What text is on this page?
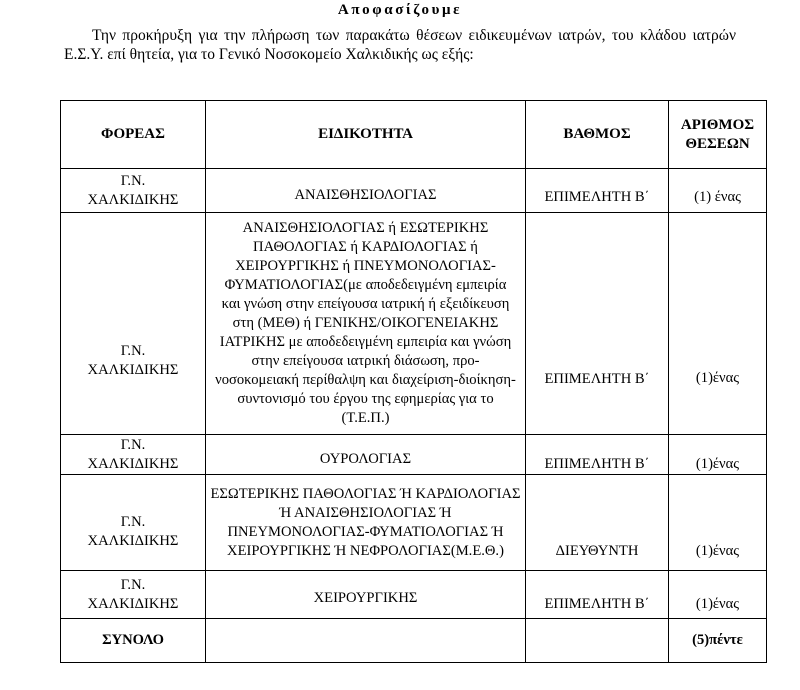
Αποφασίζουμε

Την προκήρυξη για την πλήρωση των παρακάτω θέσεων ειδικευμένων ιατρών, του κλάδου ιατρών Ε.Σ.Υ. επί θητεία, για το Γενικό Νοσοκομείο Χαλκιδικής ως εξής:

ΦΟΡΕΑΣ	ΕΙΔΙΚΟΤΗΤΑ	ΒΑΘΜΟΣ	ΑΡΙΘΜΟΣ
ΘΕΣΕΩΝ

Γ.Ν.
ΧΑΛΚΙΔΙΚΗΣ	ΑΝΑΙΣΘΗΣΙΟΛΟΓΙΑΣ	ΕΠΙΜΕΛΗΤΗ Β΄	(1) ένας

Γ.Ν.
ΧΑΛΚΙΔΙΚΗΣ	ΑΝΑΙΣΘΗΣΙΟΛΟΓΙΑΣ ή ΕΣΩΤΕΡΙΚΗΣ ΠΑΘΟΛΟΓΙΑΣ ή ΚΑΡΔΙΟΛΟΓΙΑΣ ή ΧΕΙΡΟΥΡΓΙΚΗΣ ή ΠΝΕΥΜΟΝΟΛΟΓΙΑΣ-ΦΥΜΑΤΙΟΛΟΓΙΑΣ(με αποδεδειγμένη εμπειρία και γνώση στην επείγουσα ιατρική ή εξειδίκευση στη (ΜΕΘ) ή ΓΕΝΙΚΗΣ/ΟΙΚΟΓΕΝΕΙΑΚΗΣ ΙΑΤΡΙΚΗΣ με αποδεδειγμένη εμπειρία και γνώση στην επείγουσα ιατρική διάσωση, προ-νοσοκομειακή περίθαλψη και διαχείριση-διοίκηση-συντονισμό του έργου της εφημερίας για το (Τ.Ε.Π.)	ΕΠΙΜΕΛΗΤΗ Β΄	(1)ένας

Γ.Ν.
ΧΑΛΚΙΔΙΚΗΣ	ΟΥΡΟΛΟΓΙΑΣ	ΕΠΙΜΕΛΗΤΗ Β΄	(1)ένας

Γ.Ν.
ΧΑΛΚΙΔΙΚΗΣ	ΕΣΩΤΕΡΙΚΗΣ ΠΑΘΟΛΟΓΙΑΣ Ή ΚΑΡΔΙΟΛΟΓΙΑΣ Ή ΑΝΑΙΣΘΗΣΙΟΛΟΓΙΑΣ Ή ΠΝΕΥΜΟΝΟΛΟΓΙΑΣ-ΦΥΜΑΤΙΟΛΟΓΙΑΣ Ή ΧΕΙΡΟΥΡΓΙΚΗΣ Ή ΝΕΦΡΟΛΟΓΙΑΣ(Μ.Ε.Θ.)	ΔΙΕΥΘΥΝΤΗ	(1)ένας

Γ.Ν.
ΧΑΛΚΙΔΙΚΗΣ	ΧΕΙΡΟΥΡΓΙΚΗΣ	ΕΠΙΜΕΛΗΤΗ Β΄	(1)ένας
ΣΥΝΟΛΟ			(5)πέντε
